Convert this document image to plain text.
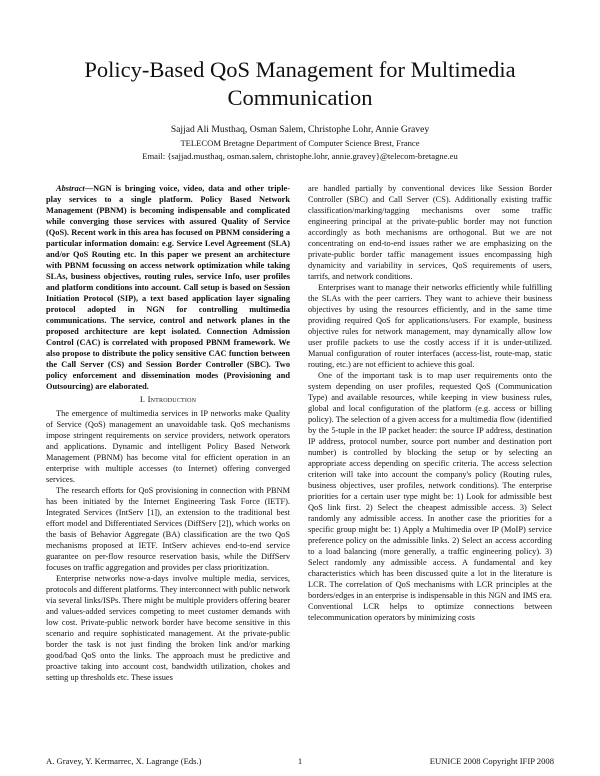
Policy-Based QoS Management for Multimedia Communication
Sajjad Ali Musthaq, Osman Salem, Christophe Lohr, Annie Gravey
TELECOM Bretagne Department of Computer Science Brest, France
Email: {sajjad.musthaq, osman.salem, christophe.lohr, annie.gravey}@telecom-bretagne.eu

Abstract—NGN is bringing voice, video, data and other triple-play services to a single platform. Policy Based Network Management (PBNM) is becoming indispensable and complicated while converging those services with assured Quality of Service (QoS). Recent work in this area has focused on PBNM considering a particular information domain: e.g. Service Level Agreement (SLA) and/or QoS Routing etc. In this paper we present an architecture with PBNM focussing on access network optimization while taking SLAs, business objectives, routing rules, service Info, user profiles and platform conditions into account. Call setup is based on Session Initiation Protocol (SIP), a text based application layer signaling protocol adopted in NGN for controlling multimedia communications. The service, control and network planes in the proposed architecture are kept isolated. Connection Admission Control (CAC) is correlated with proposed PBNM framework. We also propose to distribute the policy sensitive CAC function between the Call Server (CS) and Session Border Controller (SBC). Two policy enforcement and dissemination modes (Provisioning and Outsourcing) are elaborated.

I. Introduction

The emergence of multimedia services in IP networks make Quality of Service (QoS) management an unavoidable task. QoS mechanisms impose stringent requirements on service providers, network operators and applications. Dynamic and intelligent Policy Based Network Management (PBNM) has become vital for efficient operation in an enterprise with multiple accesses (to Internet) offering converged services.

The research efforts for QoS provisioning in connection with PBNM has been initiated by the Internet Engineering Task Force (IETF). Integrated Services (IntServ [1]), an extension to the traditional best effort model and Differentiated Services (DiffServ [2]), which works on the basis of Behavior Aggregate (BA) classification are the two QoS mechanisms proposed at IETF. IntServ achieves end-to-end service guarantee on per-flow resource reservation basis, while the DiffServ focuses on traffic aggregation and provides per class prioritization.

Enterprise networks now-a-days involve multiple media, services, protocols and different platforms. They interconnect with public network via several links/ISPs. There might be multiple providers offering bearer and values-added services competing to meet customer demands with low cost. Private-public network border have become sensitive in this scenario and require sophisticated management. At the private-public border the task is not just finding the broken link and/or marking good/bad QoS onto the links. The approach must be predictive and proactive taking into account cost, bandwidth utilization, chokes and setting up thresholds etc. These issues

are handled partially by conventional devices like Session Border Controller (SBC) and Call Server (CS). Additionally existing traffic classification/marking/tagging mechanisms over some traffic engineering principal at the private-public border may not function accordingly as both mechanisms are orthogonal. But we are not concentrating on end-to-end issues rather we are emphasizing on the private-public border taffic management issues encompassing high dynamicity and variability in services, QoS requirements of users, tarrifs, and network conditions.

Enterprises want to manage their networks efficiently while fulfilling the SLAs with the peer carriers. They want to achieve their business objectives by using the resources efficiently, and in the same time providing required QoS for applications/users. For example, business objective rules for network management, may dynamically allow low user profile packets to use the costly access if it is under-utilized. Manual configuration of router interfaces (access-list, route-map, static routing, etc.) are not efficient to achieve this goal.

One of the important task is to map user requirements onto the system depending on user profiles, requested QoS (Communication Type) and available resources, while keeping in view business rules, global and local configuration of the platform (e.g. access or billing policy). The selection of a given access for a multimedia flow (identified by the 5-tuple in the IP packet header: the source IP address, destination IP address, protocol number, source port number and destination port number) is controlled by blocking the setup or by selecting an appropriate access depending on specific criteria. The access selection criterion will take into account the company's policy (Routing rules, business objectives, user profiles, network conditions). The enterprise priorities for a certain user type might be: 1) Look for admissible best QoS link first. 2) Select the cheapest admissible access. 3) Select randomly any admissible access. In another case the priorities for a specific group might be: 1) Apply a Multimedia over IP (MoIP) service preference policy on the admissible links. 2) Select an access according to a load balancing (more generally, a traffic engineering policy). 3) Select randomly any admissible access. A fundamental and key characteristics which has been discussed quite a lot in the literature is LCR. The correlation of QoS mechanisms with LCR principles at the borders/edges in an enterprise is indispensable in this NGN and IMS era. Conventional LCR helps to optimize connections between telecommunication operators by minimizing costs

A. Gravey, Y. Kermarrec, X. Lagrange (Eds.)	1	EUNICE 2008 Copyright IFIP 2008
